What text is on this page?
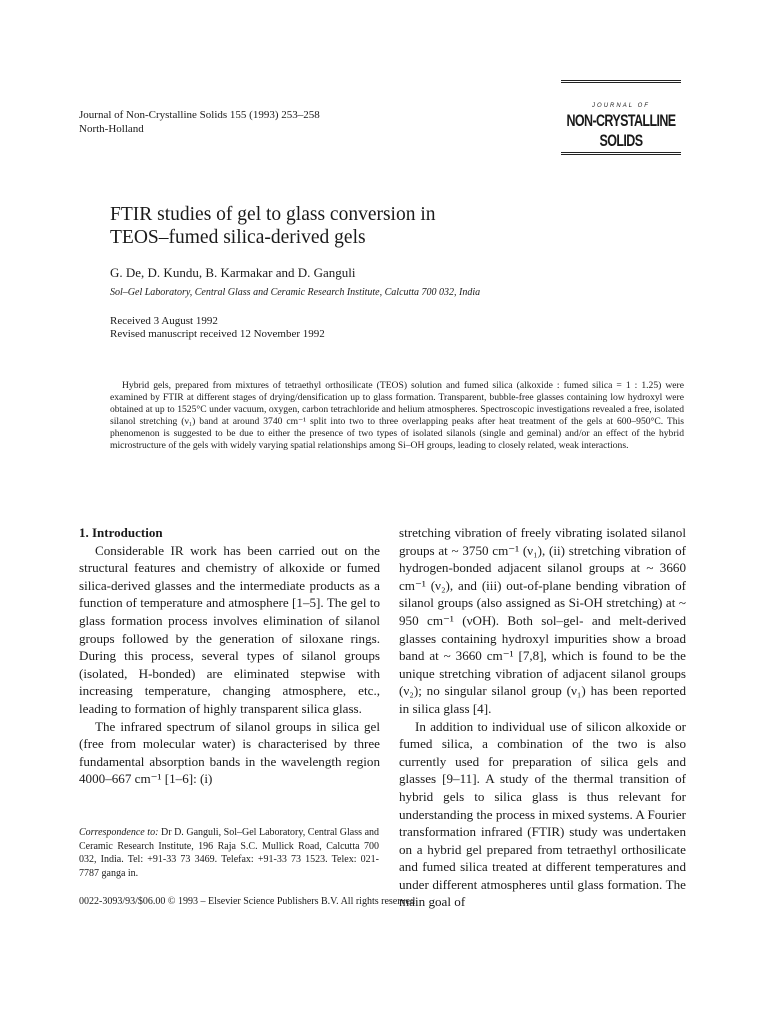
Journal of Non-Crystalline Solids 155 (1993) 253–258
North-Holland
JOURNAL OF
NON-CRYSTALLINE SOLIDS
FTIR studies of gel to glass conversion in
TEOS–fumed silica-derived gels
G. De, D. Kundu, B. Karmakar and D. Ganguli
Sol–Gel Laboratory, Central Glass and Ceramic Research Institute, Calcutta 700 032, India
Received 3 August 1992
Revised manuscript received 12 November 1992

Hybrid gels, prepared from mixtures of tetraethyl orthosilicate (TEOS) solution and fumed silica (alkoxide : fumed silica = 1 : 1.25) were examined by FTIR at different stages of drying/densification up to glass formation. Transparent, bubble-free glasses containing low hydroxyl were obtained at up to 1525°C under vacuum, oxygen, carbon tetrachloride and helium atmospheres. Spectroscopic investigations revealed a free, isolated silanol stretching (ν₁) band at around 3740 cm⁻¹ split into two to three overlapping peaks after heat treatment of the gels at 600–950°C. This phenomenon is suggested to be due to either the presence of two types of isolated silanols (single and geminal) and/or an effect of the hybrid microstructure of the gels with widely varying spatial relationships among Si–OH groups, leading to closely related, weak interactions.

1. Introduction

Considerable IR work has been carried out on the structural features and chemistry of alkoxide or fumed silica-derived glasses and the intermediate products as a function of temperature and atmosphere [1–5]. The gel to glass formation process involves elimination of silanol groups followed by the generation of siloxane rings. During this process, several types of silanol groups (isolated, H-bonded) are eliminated stepwise with increasing temperature, changing atmosphere, etc., leading to formation of highly transparent silica glass.

The infrared spectrum of silanol groups in silica gel (free from molecular water) is characterised by three fundamental absorption bands in the wavelength region 4000–667 cm⁻¹ [1–6]: (i)

Correspondence to: Dr D. Ganguli, Sol–Gel Laboratory, Central Glass and Ceramic Research Institute, 196 Raja S.C. Mullick Road, Calcutta 700 032, India. Tel: +91-33 73 3469. Telefax: +91-33 73 1523. Telex: 021-7787 ganga in.

stretching vibration of freely vibrating isolated silanol groups at ~ 3750 cm⁻¹ (ν₁), (ii) stretching vibration of hydrogen-bonded adjacent silanol groups at ~ 3660 cm⁻¹ (ν₂), and (iii) out-of-plane bending vibration of silanol groups (also assigned as Si-OH stretching) at ~ 950 cm⁻¹ (νOH). Both sol–gel- and melt-derived glasses containing hydroxyl impurities show a broad band at ~ 3660 cm⁻¹ [7,8], which is found to be the unique stretching vibration of adjacent silanol groups (ν₂); no singular silanol group (ν₁) has been reported in silica glass [4].

In addition to individual use of silicon alkoxide or fumed silica, a combination of the two is also currently used for preparation of silica gels and glasses [9–11]. A study of the thermal transition of hybrid gels to silica glass is thus relevant for understanding the process in mixed systems. A Fourier transformation infrared (FTIR) study was undertaken on a hybrid gel prepared from tetraethyl orthosilicate and fumed silica treated at different temperatures and under different atmospheres until glass formation. The main goal of

0022-3093/93/$06.00 © 1993 – Elsevier Science Publishers B.V. All rights reserved
